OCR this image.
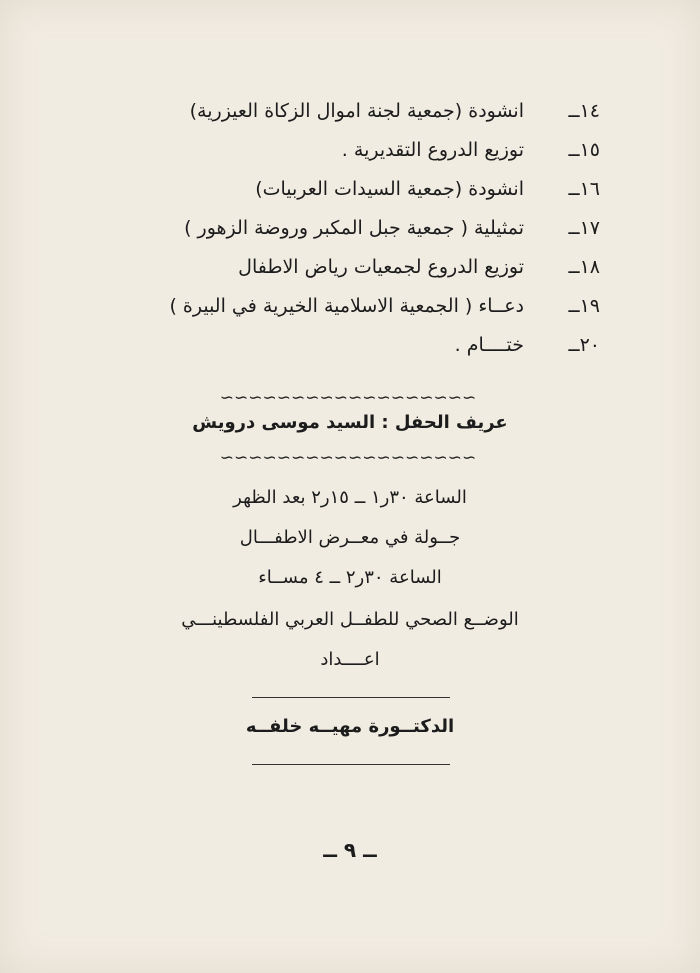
١٤ــ
انشودة (جمعية لجنة اموال الزكاة العيزرية)
١٥ــ
توزيع الدروع التقديرية .
١٦ــ
انشودة (جمعية السيدات العربيات)
١٧ــ
تمثيلية ( جمعية جبل المكبر وروضة الزهور )
١٨ــ
توزيع الدروع لجمعيات رياض الاطفال
١٩ــ
دعــاء ( الجمعية الاسلامية الخيرية في البيرة )
٢٠ــ
ختــــام .
∽∽∽∽∽∽∽∽∽∽∽∽∽∽∽∽∽∽
عريف الحفل : السيد موسى درويش
∽∽∽∽∽∽∽∽∽∽∽∽∽∽∽∽∽∽
الساعة ٣٠ر١ ــ ١٥ر٢ بعد الظهر
جــولة في معــرض الاطفـــال
الساعة ٣٠ر٢ ــ ٤ مســاء
الوضــع الصحي للطفــل العربي الفلسطينـــي
اعــــداد
الدكتــورة مهيــه خلفــه
ــ ٩ ــ
